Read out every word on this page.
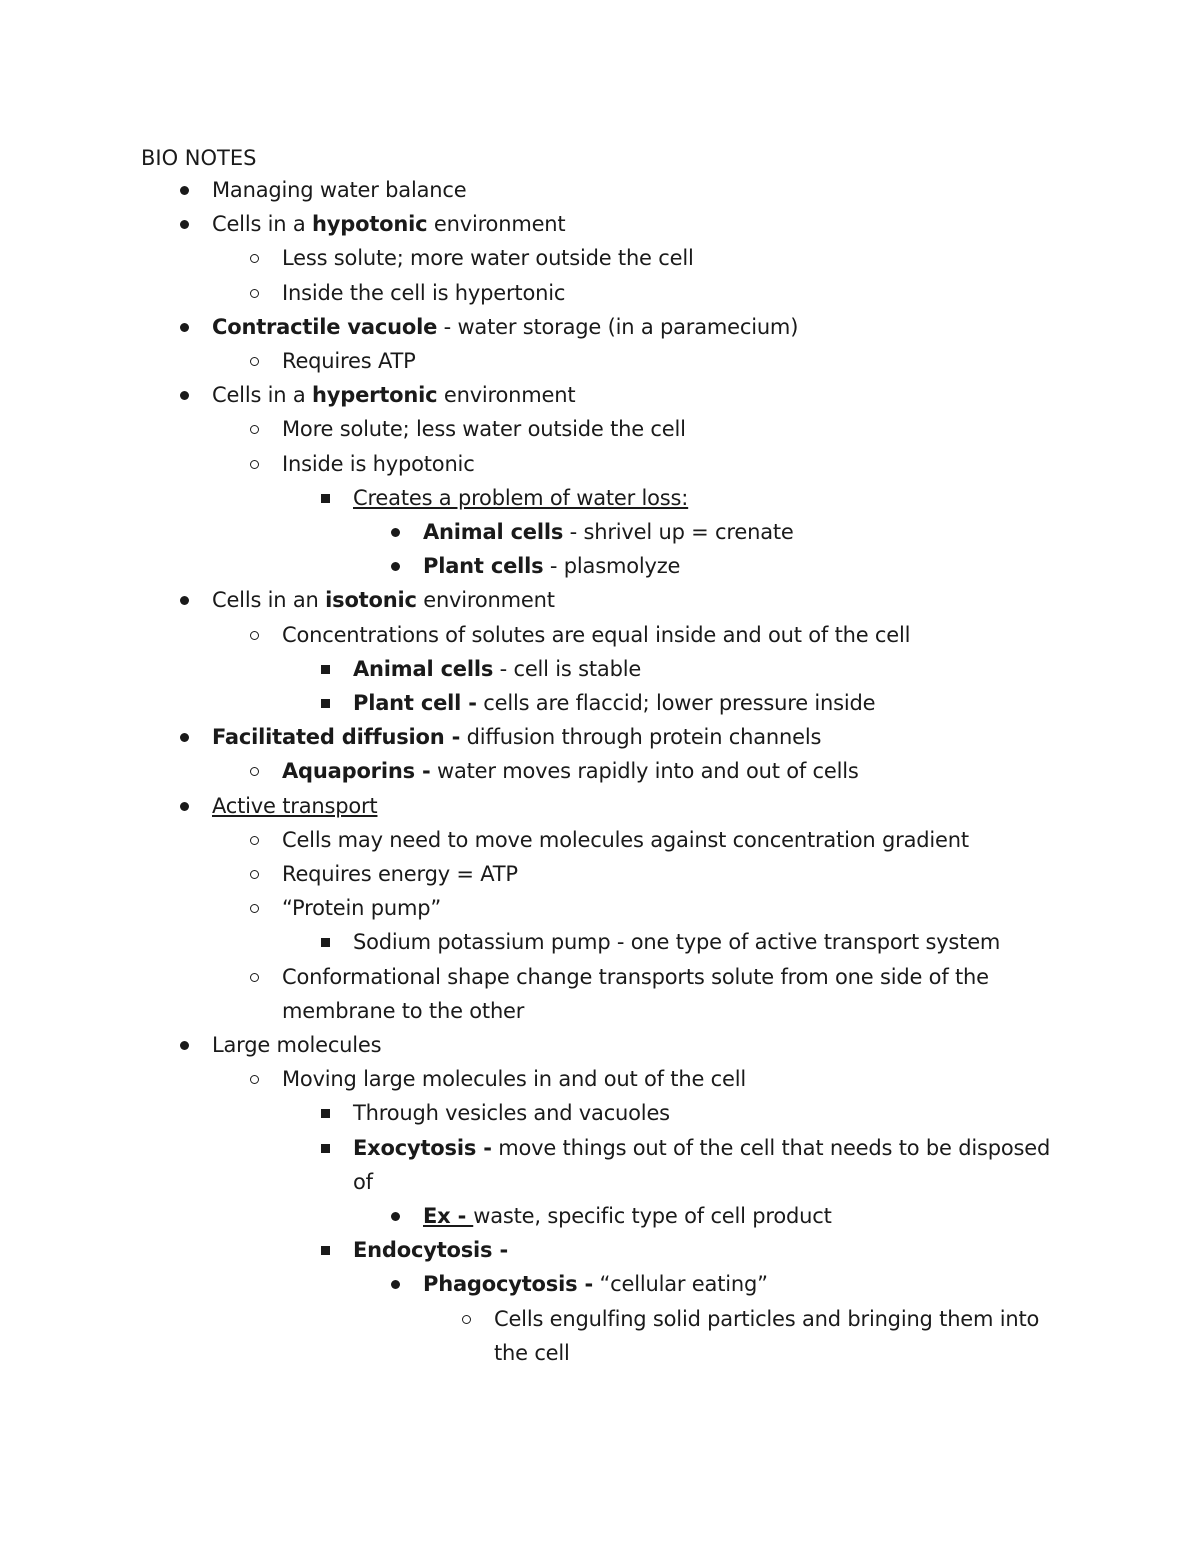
BIO NOTES
Managing water balance
Cells in a hypotonic environment
Less solute; more water outside the cell
Inside the cell is hypertonic
Contractile vacuole - water storage (in a paramecium)
Requires ATP
Cells in a hypertonic environment
More solute; less water outside the cell
Inside is hypotonic
Creates a problem of water loss:
Animal cells - shrivel up = crenate
Plant cells - plasmolyze
Cells in an isotonic environment
Concentrations of solutes are equal inside and out of the cell
Animal cells - cell is stable
Plant cell - cells are flaccid; lower pressure inside
Facilitated diffusion - diffusion through protein channels
Aquaporins - water moves rapidly into and out of cells
Active transport
Cells may need to move molecules against concentration gradient
Requires energy = ATP
“Protein pump”
Sodium potassium pump - one type of active transport system
Conformational shape change transports solute from one side of the membrane to the other
Large molecules
Moving large molecules in and out of the cell
Through vesicles and vacuoles
Exocytosis - move things out of the cell that needs to be disposed of
Ex - waste, specific type of cell product
Endocytosis -
Phagocytosis - “cellular eating”
Cells engulfing solid particles and bringing them into the cell
